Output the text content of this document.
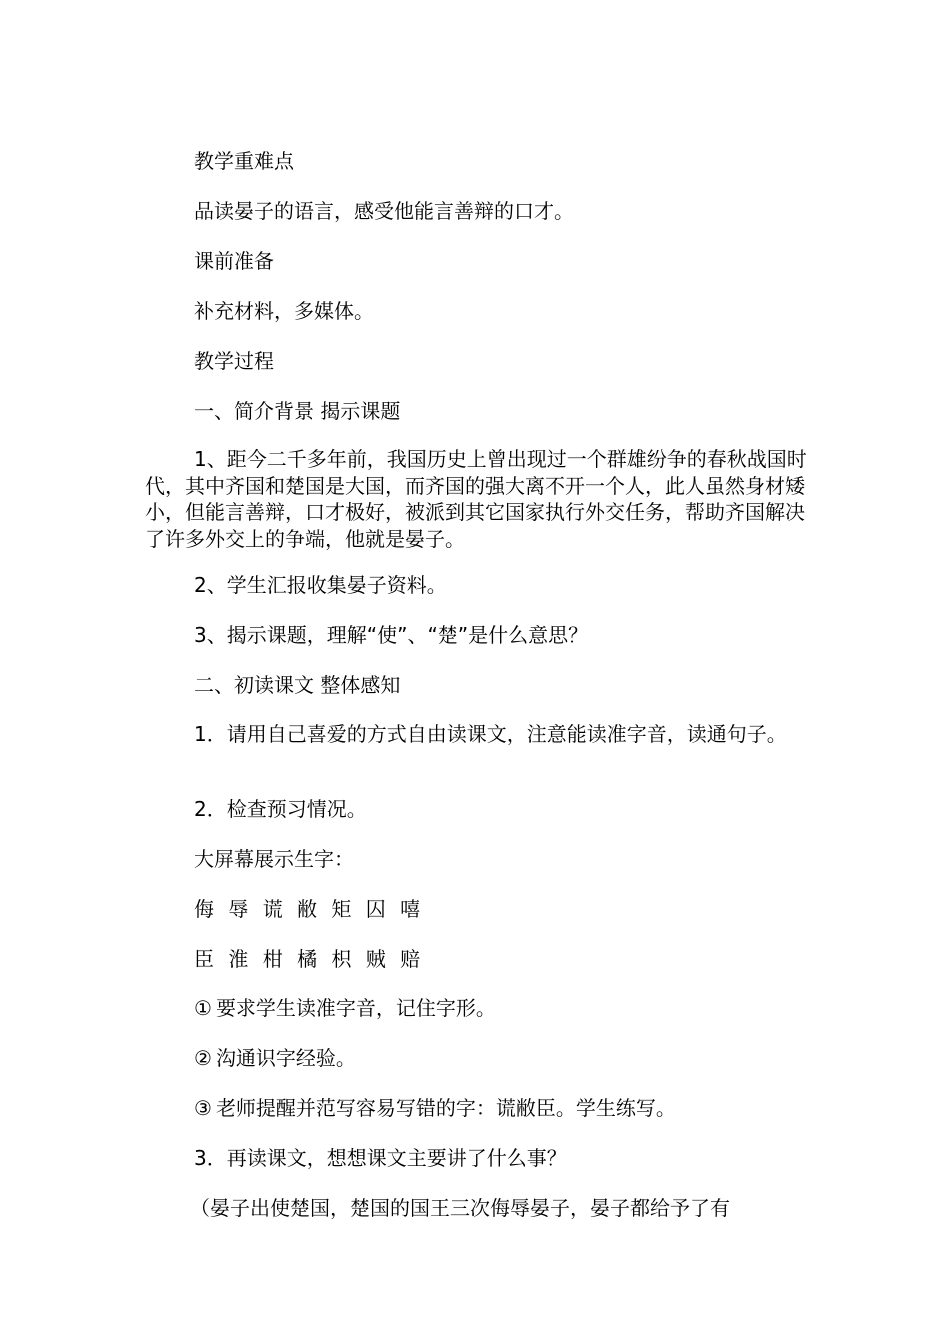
教学重难点

品读晏子的语言，感受他能言善辩的口才。

课前准备

补充材料，多媒体。

教学过程

一、简介背景 揭示课题

1、距今二千多年前，我国历史上曾出现过一个群雄纷争的春秋战国时代，其中齐国和楚国是大国，而齐国的强大离不开一个人，此人虽然身材矮小，但能言善辩，口才极好，被派到其它国家执行外交任务，帮助齐国解决了许多外交上的争端，他就是晏子。

2、学生汇报收集晏子资料。

3、揭示课题，理解“使”、“楚”是什么意思？

二、初读课文 整体感知

1．请用自己喜爱的方式自由读课文，注意能读准字音，读通句子。

2．检查预习情况。

大屏幕展示生字：

侮 辱 谎 敝 矩 囚 嘻

臣 淮 柑 橘 枳 贼 赔

① 要求学生读准字音，记住字形。

② 沟通识字经验。

③ 老师提醒并范写容易写错的字：谎敝臣。学生练写。

3．再读课文，想想课文主要讲了什么事？

（晏子出使楚国，楚国的国王三次侮辱晏子，晏子都给予了有
